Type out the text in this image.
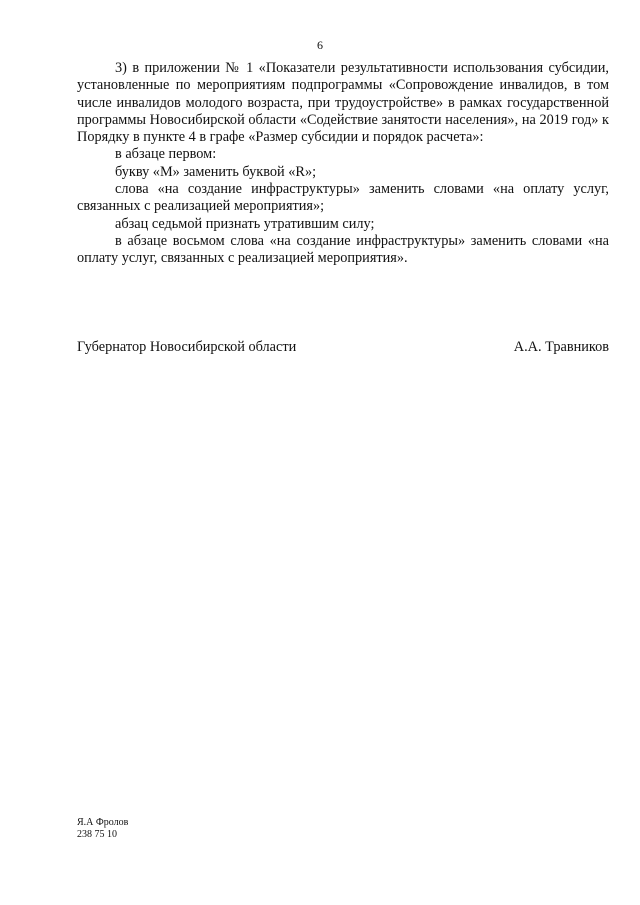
6

3) в приложении № 1 «Показатели результативности использования субсидии, установленные по мероприятиям подпрограммы «Сопровождение инвалидов, в том числе инвалидов молодого возраста, при трудоустройстве» в рамках государственной программы Новосибирской области «Содействие занятости населения», на 2019 год» к Порядку в пункте 4 в графе «Размер субсидии и порядок расчета»:

в абзаце первом:

букву «М» заменить буквой «R»;

слова «на создание инфраструктуры» заменить словами «на оплату услуг, связанных с реализацией мероприятия»;

абзац седьмой признать утратившим силу;

в абзаце восьмом слова «на создание инфраструктуры» заменить словами «на оплату услуг, связанных с реализацией мероприятия».

Губернатор Новосибирской области	А.А. Травников
Я.А Фролов
238 75 10
